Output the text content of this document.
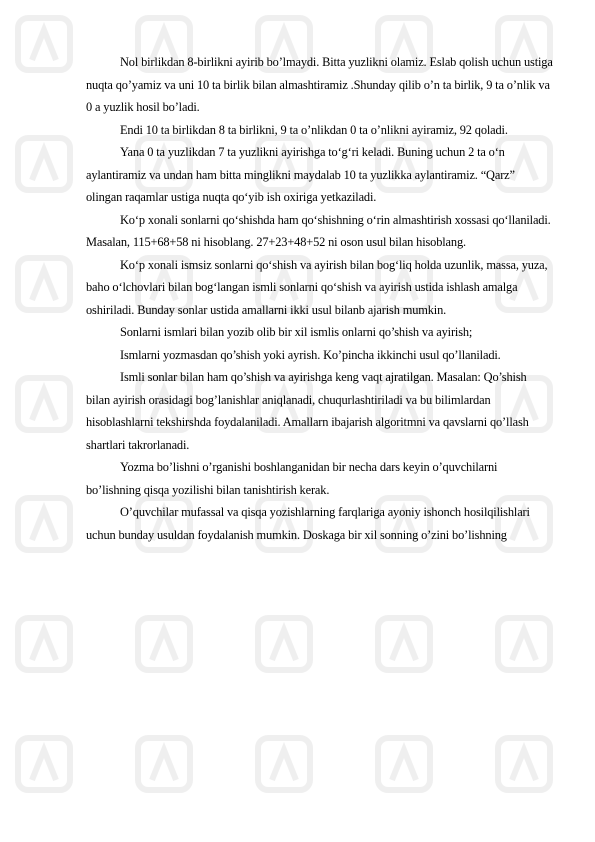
Nol birlikdan 8-birlikni ayirib bo’lmaydi. Bitta yuzlikni olamiz. Eslab qolish uchun ustiga nuqta qo’yamiz va uni 10 ta birlik bilan almashtiramiz .Shunday qilib o’n ta birlik, 9 ta o’nlik va 0 a yuzlik hosil bo’ladi.

Endi 10 ta birlikdan 8 ta birlikni, 9 ta o’nlikdan 0 ta o’nlikni ayiramiz, 92 qoladi.

Yana 0 ta yuzlikdan 7 ta yuzlikni ayirishga to‘g‘ri keladi. Buning uchun 2 ta o‘n aylantiramiz va undan ham bitta minglikni maydalab 10 ta yuzlikka aylantiramiz. “Qarz” olingan raqamlar ustiga nuqta qo‘yib ish oxiriga yetkaziladi.

Ko‘p xonali sonlarni qo‘shishda ham qo‘shishning o‘rin almashtirish xossasi qo‘llaniladi. Masalan, 115+68+58 ni hisoblang. 27+23+48+52 ni oson usul bilan hisoblang.

Ko‘p xonali ismsiz sonlarni qo‘shish va ayirish bilan bog‘liq holda uzunlik, massa, yuza, baho o‘lchovlari bilan bog‘langan ismli sonlarni qo‘shish va ayirish ustida ishlash amalga oshiriladi. Bunday sonlar ustida amallarni ikki usul bilanb ajarish mumkin.

Sonlarni ismlari bilan yozib olib bir xil ismlis onlarni qo’shish va ayirish;

Ismlarni yozmasdan qo’shish yoki ayrish. Ko’pincha ikkinchi usul qo’llaniladi.

Ismli sonlar bilan ham qo’shish va ayirishga keng vaqt ajratilgan. Masalan: Qo’shish bilan ayirish orasidagi bog’lanishlar aniqlanadi, chuqurlashtiriladi va bu bilimlardan hisoblashlarni tekshirshda foydalaniladi. Amallarn ibajarish algoritmni va qavslarni qo’llash shartlari takrorlanadi.

Yozma bo’lishni o’rganishi boshlanganidan bir necha dars keyin o’quvchilarni bo’lishning qisqa yozilishi bilan tanishtirish kerak.

O’quvchilar mufassal va qisqa yozishlarning farqlariga ayoniy ishonch hosilqilishlari uchun bunday usuldan foydalanish mumkin. Doskaga bir xil sonning o’zini bo’lishning
